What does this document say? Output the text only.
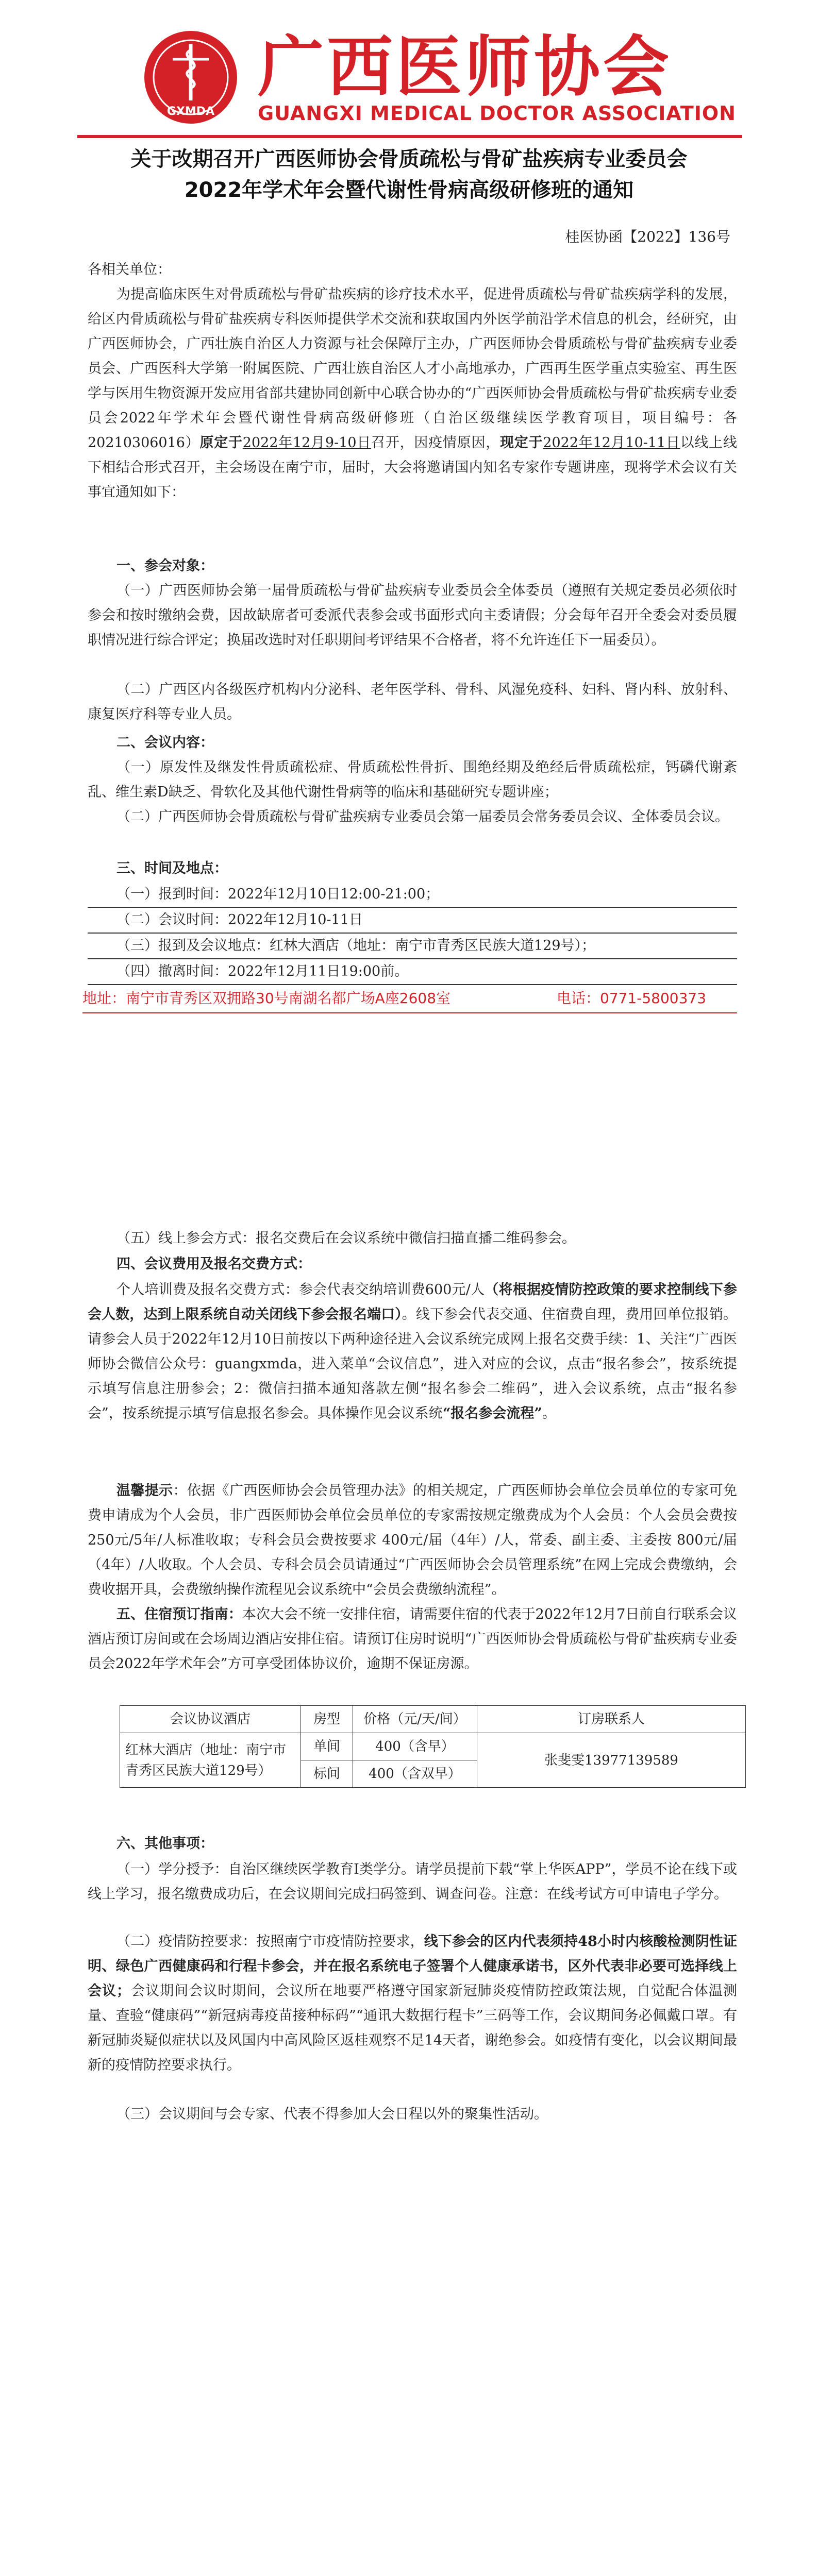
GXMDA
广西医师协会
GUANGXI MEDICAL DOCTOR ASSOCIATION
关于改期召开广西医师协会骨质疏松与骨矿盐疾病专业委员会
2022年学术年会暨代谢性骨病高级研修班的通知
桂医协函【2022】136号
各相关单位：
为提高临床医生对骨质疏松与骨矿盐疾病的诊疗技术水平，促进骨质疏松与骨矿盐疾病学科的发展，给区内骨质疏松与骨矿盐疾病专科医师提供学术交流和获取国内外医学前沿学术信息的机会，经研究，由广西医师协会，广西壮族自治区人力资源与社会保障厅主办，广西医师协会骨质疏松与骨矿盐疾病专业委员会、广西医科大学第一附属医院、广西壮族自治区人才小高地承办，广西再生医学重点实验室、再生医学与医用生物资源开发应用省部共建协同创新中心联合协办的“广西医师协会骨质疏松与骨矿盐疾病专业委员会2022年学术年会暨代谢性骨病高级研修班（自治区级继续医学教育项目，项目编号：各20210306016）原定于2022年12月9-10日召开，因疫情原因，现定于2022年12月10-11日以线上线下相结合形式召开，主会场设在南宁市，届时，大会将邀请国内知名专家作专题讲座，现将学术会议有关事宜通知如下：
一、参会对象：
（一）广西医师协会第一届骨质疏松与骨矿盐疾病专业委员会全体委员（遵照有关规定委员必须依时参会和按时缴纳会费，因故缺席者可委派代表参会或书面形式向主委请假；分会每年召开全委会对委员履职情况进行综合评定；换届改选时对任职期间考评结果不合格者，将不允许连任下一届委员）。
（二）广西区内各级医疗机构内分泌科、老年医学科、骨科、风湿免疫科、妇科、肾内科、放射科、康复医疗科等专业人员。
二、会议内容：
（一）原发性及继发性骨质疏松症、骨质疏松性骨折、围绝经期及绝经后骨质疏松症，钙磷代谢紊乱、维生素D缺乏、骨软化及其他代谢性骨病等的临床和基础研究专题讲座；
（二）广西医师协会骨质疏松与骨矿盐疾病专业委员会第一届委员会常务委员会议、全体委员会议。
三、时间及地点：
（一）报到时间：2022年12月10日12:00-21:00；
（二）会议时间：2022年12月10-11日
（三）报到及会议地点：红林大酒店（地址：南宁市青秀区民族大道129号）；
（四）撤离时间：2022年12月11日19:00前。
地址：南宁市青秀区双拥路30号南湖名都广场A座2608室	电话：0771-5800373
（五）线上参会方式：报名交费后在会议系统中微信扫描直播二维码参会。
四、会议费用及报名交费方式：
个人培训费及报名交费方式：参会代表交纳培训费600元/人（将根据疫情防控政策的要求控制线下参会人数，达到上限系统自动关闭线下参会报名端口）。线下参会代表交通、住宿费自理，费用回单位报销。请参会人员于2022年12月10日前按以下两种途径进入会议系统完成网上报名交费手续：1、关注“广西医师协会微信公众号：guangxmda，进入菜单“会议信息”，进入对应的会议，点击“报名参会”，按系统提示填写信息注册参会；2：微信扫描本通知落款左侧“报名参会二维码”，进入会议系统，点击“报名参会”，按系统提示填写信息报名参会。具体操作见会议系统“报名参会流程”。
温馨提示：依据《广西医师协会会员管理办法》的相关规定，广西医师协会单位会员单位的专家可免费申请成为个人会员，非广西医师协会单位会员单位的专家需按规定缴费成为个人会员：个人会员会费按 250元/5年/人标准收取；专科会员会费按要求 400元/届（4年）/人，常委、副主委、主委按 800元/届（4年）/人收取。个人会员、专科会员会员请通过“广西医师协会会员管理系统”在网上完成会费缴纳，会费收据开具，会费缴纳操作流程见会议系统中“会员会费缴纳流程”。
五、住宿预订指南：本次大会不统一安排住宿，请需要住宿的代表于2022年12月7日前自行联系会议酒店预订房间或在会场周边酒店安排住宿。请预订住房时说明“广西医师协会骨质疏松与骨矿盐疾病专业委员会2022年学术年会”方可享受团体协议价，逾期不保证房源。
会议协议酒店	房型	价格（元/天/间）	订房联系人
红林大酒店（地址：南宁市青秀区民族大道129号）	单间	400（含早）	张斐雯13977139589
	标间	400（含双早）	
六、其他事项：
（一）学分授予：自治区继续医学教育Ⅰ类学分。请学员提前下载“掌上华医APP”，学员不论在线下或线上学习，报名缴费成功后，在会议期间完成扫码签到、调查问卷。注意：在线考试方可申请电子学分。
（二）疫情防控要求：按照南宁市疫情防控要求，线下参会的区内代表须持48小时内核酸检测阴性证明、绿色广西健康码和行程卡参会，并在报名系统电子签署个人健康承诺书，区外代表非必要可选择线上会议；会议期间会议时期间，会议所在地要严格遵守国家新冠肺炎疫情防控政策法规，自觉配合体温测量、查验“健康码”“新冠病毒疫苗接种标码”“通讯大数据行程卡”三码等工作，会议期间务必佩戴口罩。有新冠肺炎疑似症状以及风国内中高风险区返桂观察不足14天者，谢绝参会。如疫情有变化，以会议期间最新的疫情防控要求执行。
（三）会议期间与会专家、代表不得参加大会日程以外的聚集性活动。
